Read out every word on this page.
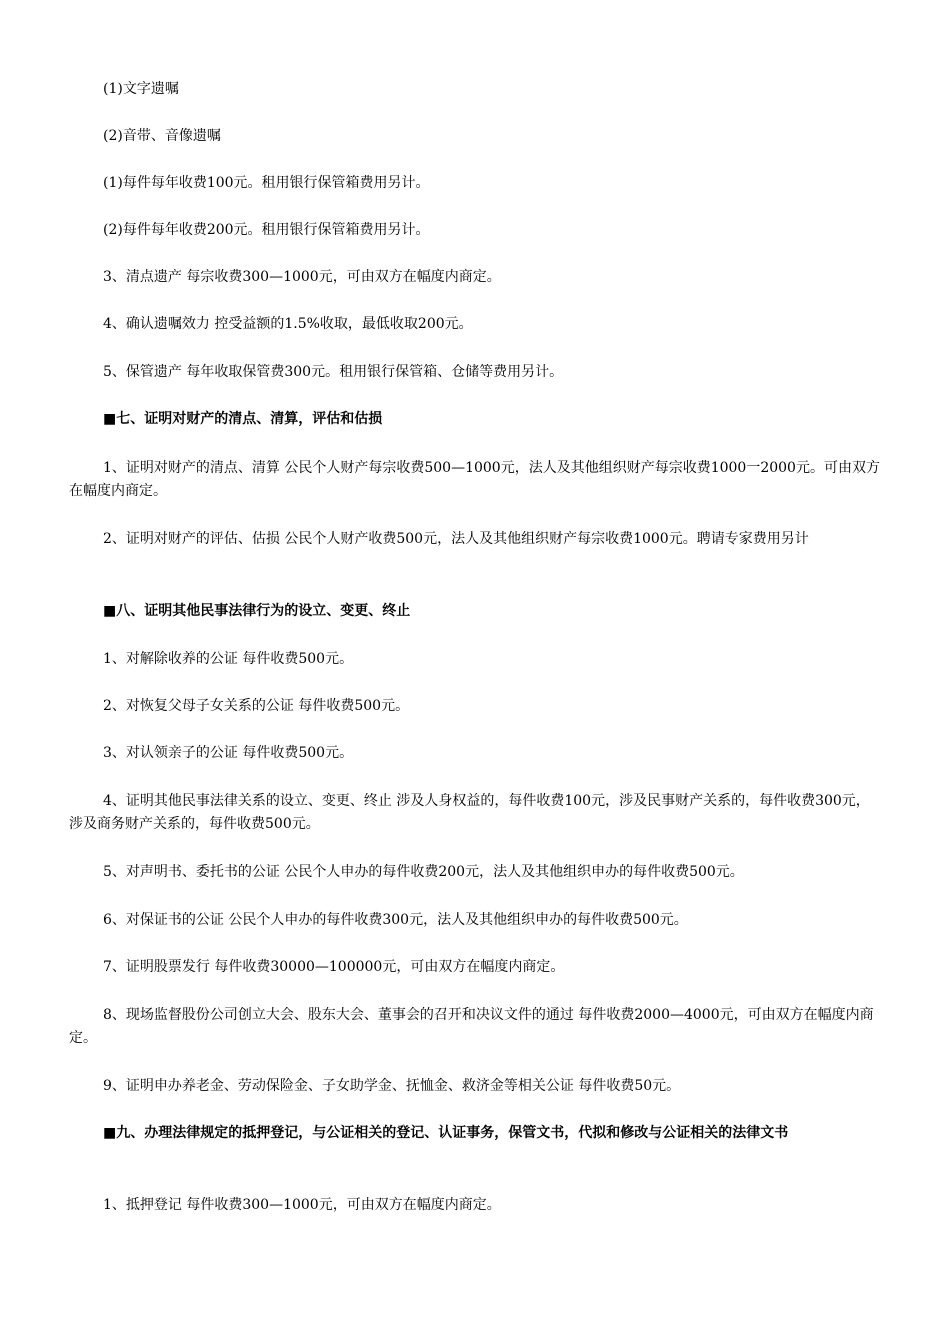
(1)文字遗嘱

(2)音带、音像遗嘱

(1)每件每年收费100元。租用银行保管箱费用另计。

(2)每件每年收费200元。租用银行保管箱费用另计。

3、清点遗产 每宗收费300—1000元，可由双方在幅度内商定。

4、确认遗嘱效力 控受益额的1.5%收取，最低收取200元。

5、保管遗产 每年收取保管费300元。租用银行保管箱、仓储等费用另计。

■七、证明对财产的清点、清算，评估和估损

1、证明对财产的清点、清算 公民个人财产每宗收费500—1000元，法人及其他组织财产每宗收费1000一2000元。可由双方在幅度内商定。

2、证明对财产的评估、估损 公民个人财产收费500元，法人及其他组织财产每宗收费1000元。聘请专家费用另计

■八、证明其他民事法律行为的设立、变更、终止

1、对解除收养的公证 每件收费500元。

2、对恢复父母子女关系的公证 每件收费500元。

3、对认领亲子的公证 每件收费500元。

4、证明其他民事法律关系的设立、变更、终止 涉及人身权益的，每件收费100元，涉及民事财产关系的，每件收费300元，涉及商务财产关系的，每件收费500元。

5、对声明书、委托书的公证 公民个人申办的每件收费200元，法人及其他组织申办的每件收费500元。

6、对保证书的公证 公民个人申办的每件收费300元，法人及其他组织申办的每件收费500元。

7、证明股票发行 每件收费30000—100000元，可由双方在幅度内商定。

8、现场监督股份公司创立大会、股东大会、董事会的召开和决议文件的通过 每件收费2000—4000元，可由双方在幅度内商定。

9、证明申办养老金、劳动保险金、子女助学金、抚恤金、救济金等相关公证 每件收费50元。

■九、办理法律规定的抵押登记，与公证相关的登记、认证事务，保管文书，代拟和修改与公证相关的法律文书

1、抵押登记 每件收费300—1000元，可由双方在幅度内商定。
